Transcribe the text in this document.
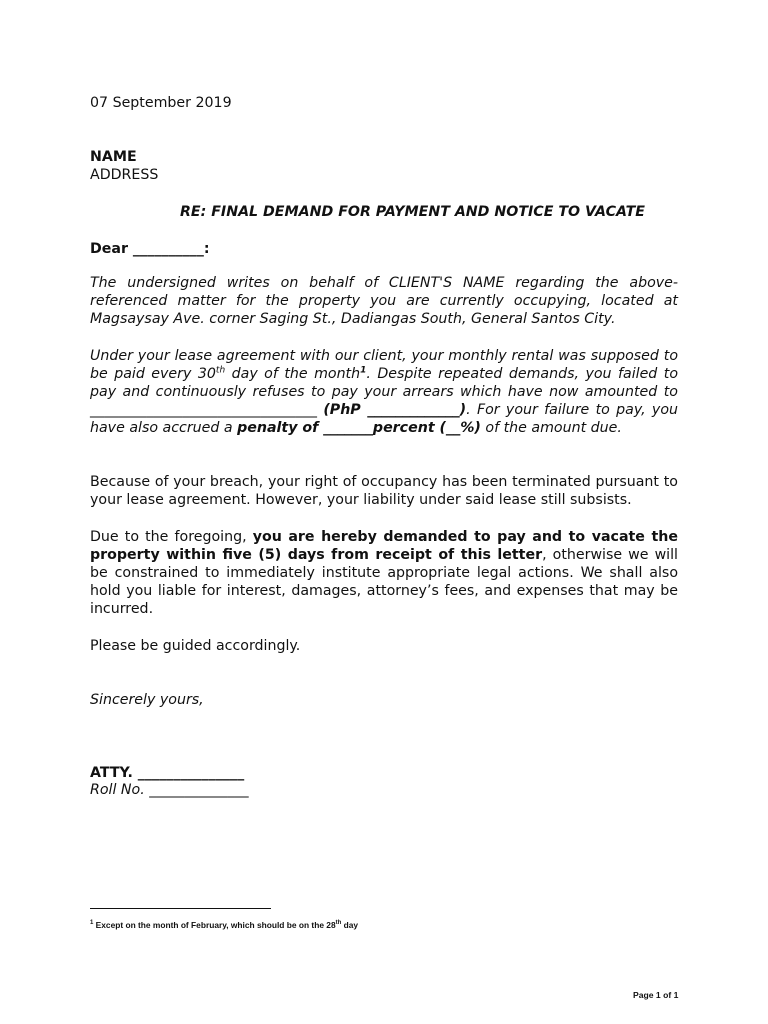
07 September 2019
NAME
ADDRESS
RE: FINAL DEMAND FOR PAYMENT AND NOTICE TO VACATE
Dear __________:
The undersigned writes on behalf of CLIENT'S NAME regarding the above-referenced matter for the property you are currently occupying, located at Magsaysay Ave. corner Saging St., Dadiangas South, General Santos City.
Under your lease agreement with our client, your monthly rental was supposed to be paid every 30th day of the month$^1$. Despite repeated demands, you failed to pay and continuously refuses to pay your arrears which have now amounted to ________________________________ (PhP _____________). For your failure to pay, you have also accrued a penalty of _______percent (__%) of the amount due.
Because of your breach, your right of occupancy has been terminated pursuant to your lease agreement. However, your liability under said lease still subsists.
Due to the foregoing, you are hereby demanded to pay and to vacate the property within five (5) days from receipt of this letter, otherwise we will be constrained to immediately institute appropriate legal actions. We shall also hold you liable for interest, damages, attorney’s fees, and expenses that may be incurred.
Please be guided accordingly.
Sincerely yours,
ATTY. _______________
Roll No. ______________
$^1$ Except on the month of February, which should be on the 28th day
Page 1 of 1
